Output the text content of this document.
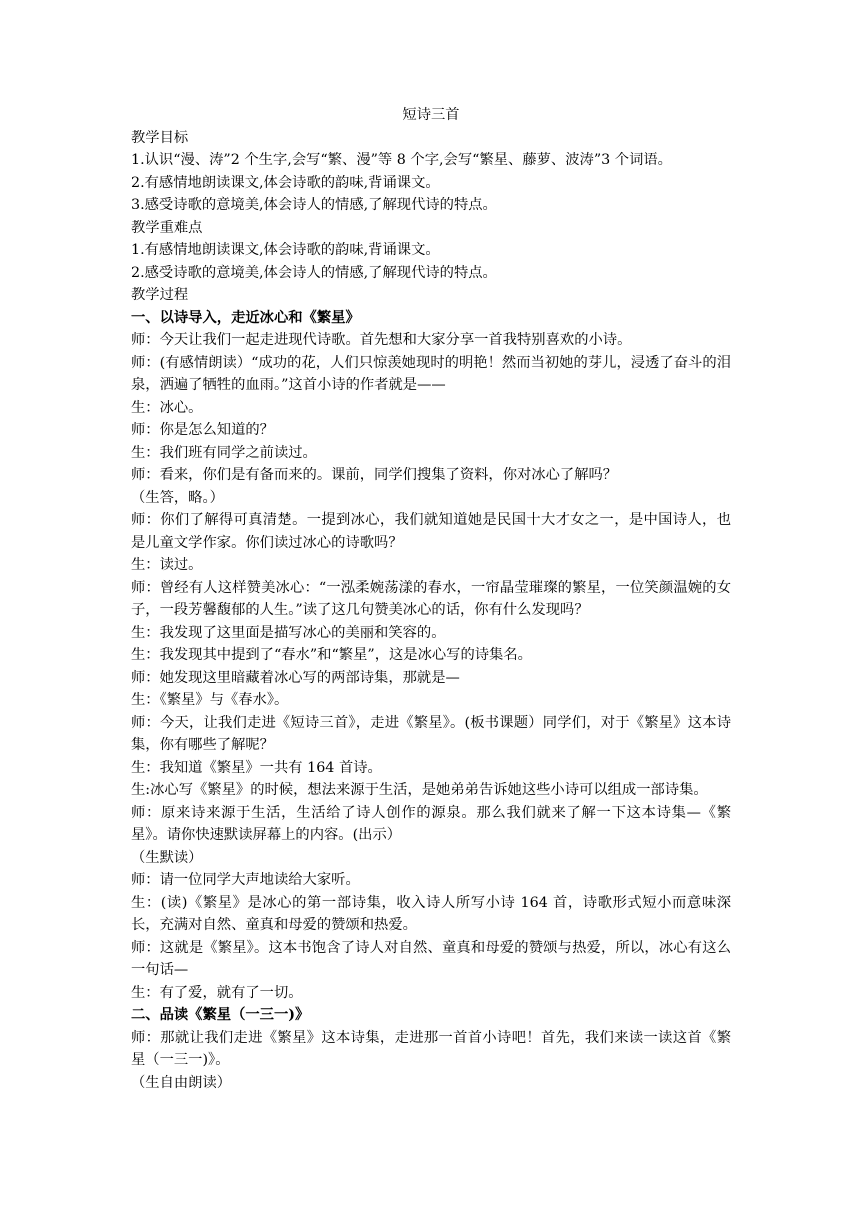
短诗三首
教学目标
1.认识“漫、涛”2 个生字,会写“繁、漫”等 8 个字,会写“繁星、藤萝、波涛”3 个词语。
2.有感情地朗读课文,体会诗歌的韵味,背诵课文。
3.感受诗歌的意境美,体会诗人的情感,了解现代诗的特点。
教学重难点
1.有感情地朗读课文,体会诗歌的韵味,背诵课文。
2.感受诗歌的意境美,体会诗人的情感,了解现代诗的特点。
教学过程
一、以诗导入，走近冰心和《繁星》
师：今天让我们一起走进现代诗歌。首先想和大家分享一首我特别喜欢的小诗。
师：(有感情朗读）“成功的花，人们只惊羡她现时的明艳！然而当初她的芽儿，浸透了奋斗的泪泉，洒遍了牺牲的血雨。”这首小诗的作者就是——
生：冰心。
师：你是怎么知道的？
生：我们班有同学之前读过。
师：看来，你们是有备而来的。课前，同学们搜集了资料，你对冰心了解吗？
（生答，略。）
师：你们了解得可真清楚。一提到冰心，我们就知道她是民国十大才女之一，是中国诗人，也是儿童文学作家。你们读过冰心的诗歌吗？
生：读过。
师：曾经有人这样赞美冰心：“一泓柔婉荡漾的春水，一帘晶莹璀璨的繁星，一位笑颜温婉的女子，一段芳馨馥郁的人生。”读了这几句赞美冰心的话，你有什么发现吗？
生：我发现了这里面是描写冰心的美丽和笑容的。
生：我发现其中提到了“春水”和“繁星”，这是冰心写的诗集名。
师：她发现这里暗藏着冰心写的两部诗集，那就是—
生：《繁星》与《春水》。
师：今天，让我们走进《短诗三首》，走进《繁星》。(板书课题）同学们，对于《繁星》这本诗集，你有哪些了解呢？
生：我知道《繁星》一共有 164 首诗。
生:冰心写《繁星》的时候，想法来源于生活，是她弟弟告诉她这些小诗可以组成一部诗集。
师：原来诗来源于生活，生活给了诗人创作的源泉。那么我们就来了解一下这本诗集—《繁星》。请你快速默读屏幕上的内容。(出示）
（生默读）
师：请一位同学大声地读给大家听。
生：(读)《繁星》是冰心的第一部诗集，收入诗人所写小诗 164 首，诗歌形式短小而意味深长，充满对自然、童真和母爱的赞颂和热爱。
师：这就是《繁星》。这本书饱含了诗人对自然、童真和母爱的赞颂与热爱，所以，冰心有这么一句话—
生：有了爱，就有了一切。
二、品读《繁星（一三一)》
师：那就让我们走进《繁星》这本诗集，走进那一首首小诗吧！首先，我们来读一读这首《繁星（一三一)》。
（生自由朗读）
